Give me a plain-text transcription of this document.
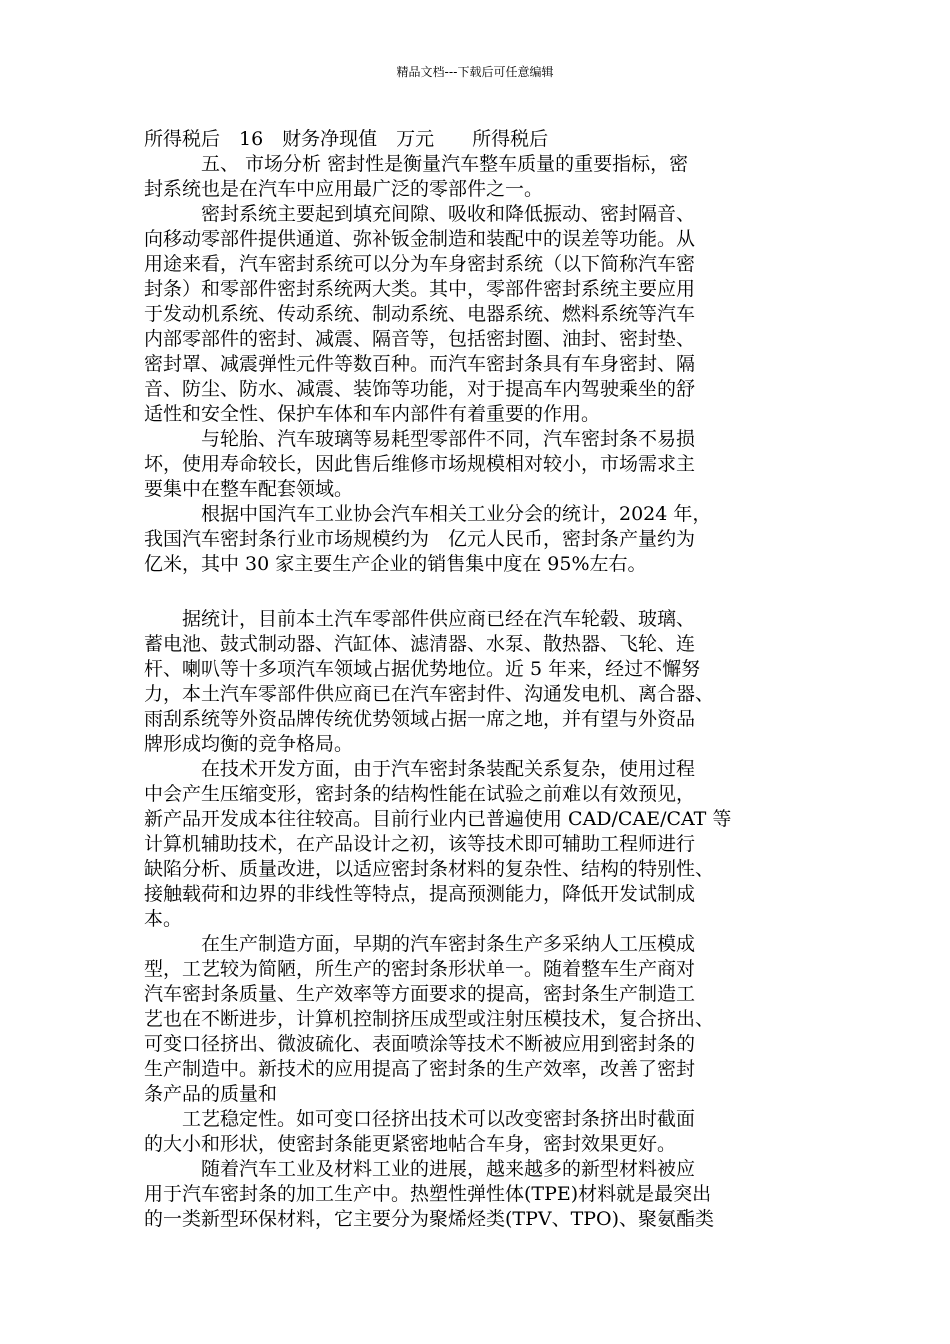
精品文档---下载后可任意编辑
所得税后　16　财务净现值　万元　　所得税后
　　　五、 市场分析 密封性是衡量汽车整车质量的重要指标，密
封系统也是在汽车中应用最广泛的零部件之一。
　　　密封系统主要起到填充间隙、吸收和降低振动、密封隔音、
向移动零部件提供通道、弥补钣金制造和装配中的误差等功能。从
用途来看，汽车密封系统可以分为车身密封系统（以下简称汽车密
封条）和零部件密封系统两大类。其中，零部件密封系统主要应用
于发动机系统、传动系统、制动系统、电器系统、燃料系统等汽车
内部零部件的密封、减震、隔音等，包括密封圈、油封、密封垫、
密封罩、减震弹性元件等数百种。而汽车密封条具有车身密封、隔
音、防尘、防水、减震、装饰等功能，对于提高车内驾驶乘坐的舒
适性和安全性、保护车体和车内部件有着重要的作用。
　　　与轮胎、汽车玻璃等易耗型零部件不同，汽车密封条不易损
坏，使用寿命较长，因此售后维修市场规模相对较小，市场需求主
要集中在整车配套领域。
　　　根据中国汽车工业协会汽车相关工业分会的统计，2024 年，
我国汽车密封条行业市场规模约为　亿元人民币，密封条产量约为
亿米，其中 30 家主要生产企业的销售集中度在 95%左右。
　　据统计，目前本土汽车零部件供应商已经在汽车轮毂、玻璃、
蓄电池、鼓式制动器、汽缸体、滤清器、水泵、散热器、飞轮、连
杆、喇叭等十多项汽车领域占据优势地位。近 5 年来，经过不懈努
力，本土汽车零部件供应商已在汽车密封件、沟通发电机、离合器、
雨刮系统等外资品牌传统优势领域占据一席之地，并有望与外资品
牌形成均衡的竞争格局。
　　　在技术开发方面，由于汽车密封条装配关系复杂，使用过程
中会产生压缩变形，密封条的结构性能在试验之前难以有效预见，
新产品开发成本往往较高。目前行业内已普遍使用 CAD/CAE/CAT 等
计算机辅助技术，在产品设计之初，该等技术即可辅助工程师进行
缺陷分析、质量改进，以适应密封条材料的复杂性、结构的特别性、
接触载荷和边界的非线性等特点，提高预测能力，降低开发试制成
本。
　　　在生产制造方面，早期的汽车密封条生产多采纳人工压模成
型，工艺较为简陋，所生产的密封条形状单一。随着整车生产商对
汽车密封条质量、生产效率等方面要求的提高，密封条生产制造工
艺也在不断进步，计算机控制挤压成型或注射压模技术，复合挤出、
可变口径挤出、微波硫化、表面喷涂等技术不断被应用到密封条的
生产制造中。新技术的应用提高了密封条的生产效率，改善了密封
条产品的质量和
　　工艺稳定性。如可变口径挤出技术可以改变密封条挤出时截面
的大小和形状，使密封条能更紧密地帖合车身，密封效果更好。
　　　随着汽车工业及材料工业的进展，越来越多的新型材料被应
用于汽车密封条的加工生产中。热塑性弹性体(TPE)材料就是最突出
的一类新型环保材料，它主要分为聚烯烃类(TPV、TPO)、聚氨酯类
